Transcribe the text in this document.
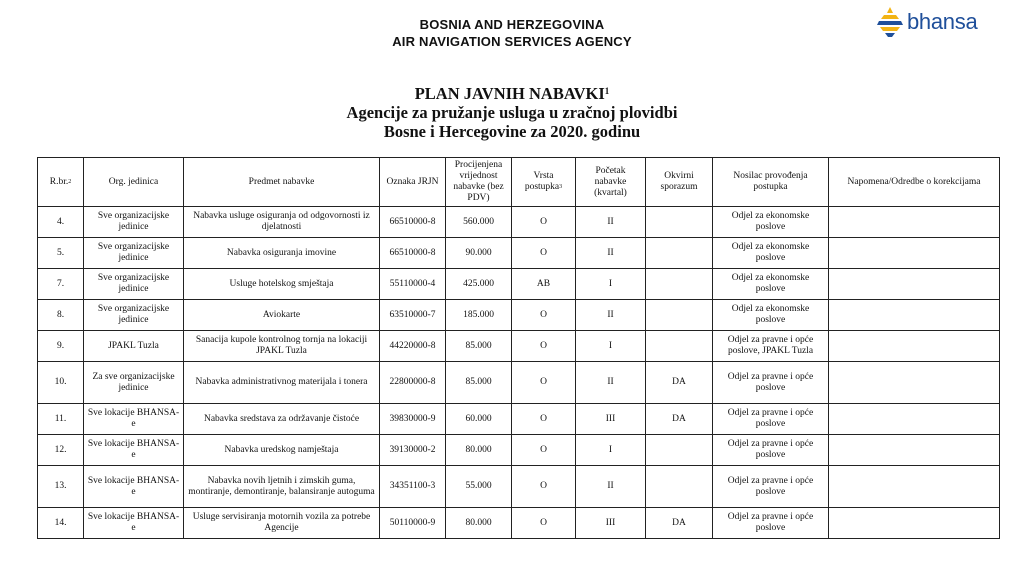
BOSNIA AND HERZEGOVINA
AIR NAVIGATION SERVICES AGENCY
bhansa
PLAN JAVNIH NABAVKI$^1$
Agencije za pružanje usluga u zračnoj plovidbi
Bosne i Hercegovine za 2020. godinu
R.br.$^2$	Org. jedinica	Predmet nabavke	Oznaka JRJN	Procijenjena vrijednost nabavke (bez PDV)	Vrsta postupka$^3$	Početak nabavke (kvartal)	Okvirni sporazum	Nosilac provođenja postupka	Napomena/Odredbe o korekcijama
4.	Sve organizacijske jedinice	Nabavka usluge osiguranja od odgovornosti iz djelatnosti	66510000-8	560.000	O	II		Odjel za ekonomske poslove	
5.	Sve organizacijske jedinice	Nabavka osiguranja imovine	66510000-8	90.000	O	II		Odjel za ekonomske poslove	
7.	Sve organizacijske jedinice	Usluge hotelskog smještaja	55110000-4	425.000	AB	I		Odjel za ekonomske poslove	
8.	Sve organizacijske jedinice	Aviokarte	63510000-7	185.000	O	II		Odjel za ekonomske poslove	
9.	JPAKL Tuzla	Sanacija kupole kontrolnog tornja na lokaciji JPAKL Tuzla	44220000-8	85.000	O	I		Odjel za pravne i opće poslove, JPAKL Tuzla	
10.	Za sve organizacijske jedinice	Nabavka administrativnog materijala i tonera	22800000-8	85.000	O	II	DA	Odjel za pravne i opće poslove	
11.	Sve lokacije BHANSA-e	Nabavka sredstava za održavanje čistoće	39830000-9	60.000	O	III	DA	Odjel za pravne i opće poslove	
12.	Sve lokacije BHANSA-e	Nabavka uredskog namještaja	39130000-2	80.000	O	I		Odjel za pravne i opće poslove	
13.	Sve lokacije BHANSA-e	Nabavka novih ljetnih i zimskih guma, montiranje, demontiranje, balansiranje autoguma	34351100-3	55.000	O	II		Odjel za pravne i opće poslove	
14.	Sve lokacije BHANSA-e	Usluge servisiranja motornih vozila za potrebe Agencije	50110000-9	80.000	O	III	DA	Odjel za pravne i opće poslove	
